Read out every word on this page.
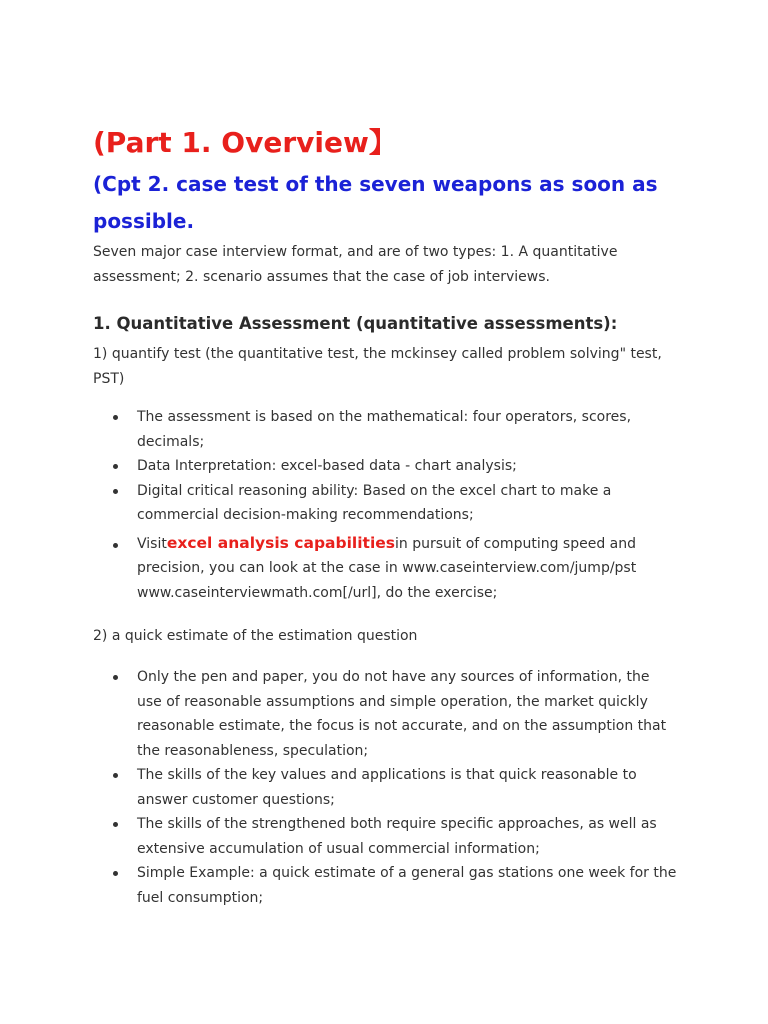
(Part 1. Overview】
(Cpt 2. case test of the seven weapons as soon as possible.

Seven major case interview format, and are of two types: 1. A quantitative assessment; 2. scenario assumes that the case of job interviews.

1. Quantitative Assessment (quantitative assessments):

1) quantify test (the quantitative test, the mckinsey called problem solving" test, PST)

The assessment is based on the mathematical: four operators, scores, decimals;
Data Interpretation: excel-based data - chart analysis;
Digital critical reasoning ability: Based on the excel chart to make a commercial decision-making recommendations;
Visitexcel analysis capabilitiesin pursuit of computing speed and precision, you can look at the case in www.caseinterview.com/jump/pst www.caseinterviewmath.com[/url], do the exercise;

2) a quick estimate of the estimation question

Only the pen and paper, you do not have any sources of information, the use of reasonable assumptions and simple operation, the market quickly reasonable estimate, the focus is not accurate, and on the assumption that the reasonableness, speculation;
The skills of the key values and applications is that quick reasonable to answer customer questions;
The skills of the strengthened both require specific approaches, as well as extensive accumulation of usual commercial information;
Simple Example: a quick estimate of a general gas stations one week for the fuel consumption;
